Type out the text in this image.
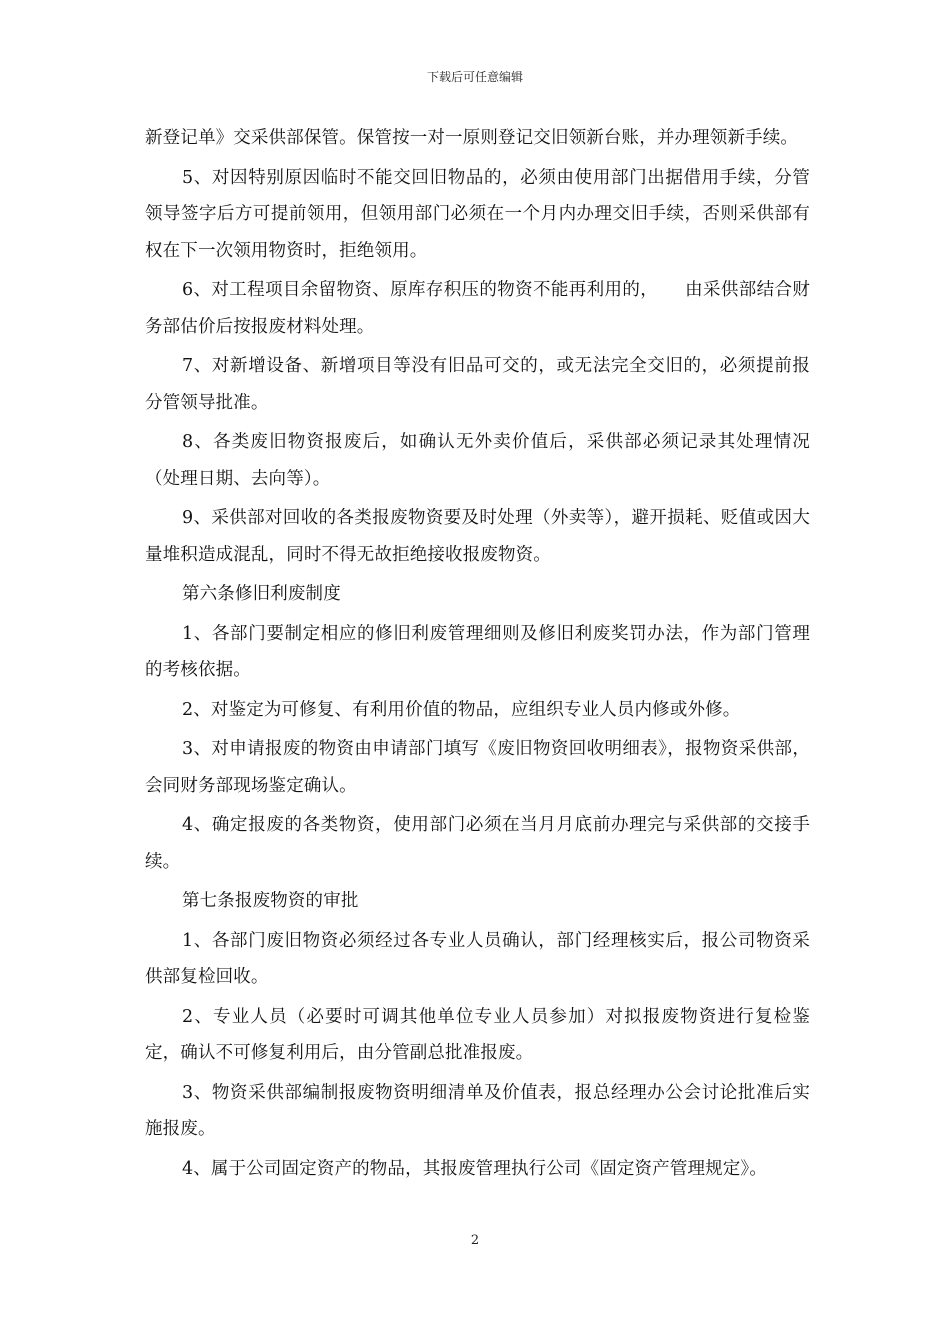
下载后可任意编辑

新登记单》交采供部保管。保管按一对一原则登记交旧领新台账，并办理领新手续。

5、对因特别原因临时不能交回旧物品的，必须由使用部门出据借用手续，分管领导签字后方可提前领用，但领用部门必须在一个月内办理交旧手续，否则采供部有权在下一次领用物资时，拒绝领用。

6、对工程项目余留物资、原库存积压的物资不能再利用的，　　由采供部结合财务部估价后按报废材料处理。

7、对新增设备、新增项目等没有旧品可交的，或无法完全交旧的，必须提前报分管领导批准。

8、各类废旧物资报废后，如确认无外卖价值后，采供部必须记录其处理情况（处理日期、去向等）。

9、采供部对回收的各类报废物资要及时处理（外卖等），避开损耗、贬值或因大量堆积造成混乱，同时不得无故拒绝接收报废物资。

第六条修旧利废制度

1、各部门要制定相应的修旧利废管理细则及修旧利废奖罚办法，作为部门管理的考核依据。

2、对鉴定为可修复、有利用价值的物品，应组织专业人员内修或外修。

3、对申请报废的物资由申请部门填写《废旧物资回收明细表》，报物资采供部，会同财务部现场鉴定确认。

4、确定报废的各类物资，使用部门必须在当月月底前办理完与采供部的交接手续。

第七条报废物资的审批

1、各部门废旧物资必须经过各专业人员确认，部门经理核实后，报公司物资采供部复检回收。

2、专业人员（必要时可调其他单位专业人员参加）对拟报废物资进行复检鉴定，确认不可修复利用后，由分管副总批准报废。

3、物资采供部编制报废物资明细清单及价值表，报总经理办公会讨论批准后实施报废。

4、属于公司固定资产的物品，其报废管理执行公司《固定资产管理规定》。

2
